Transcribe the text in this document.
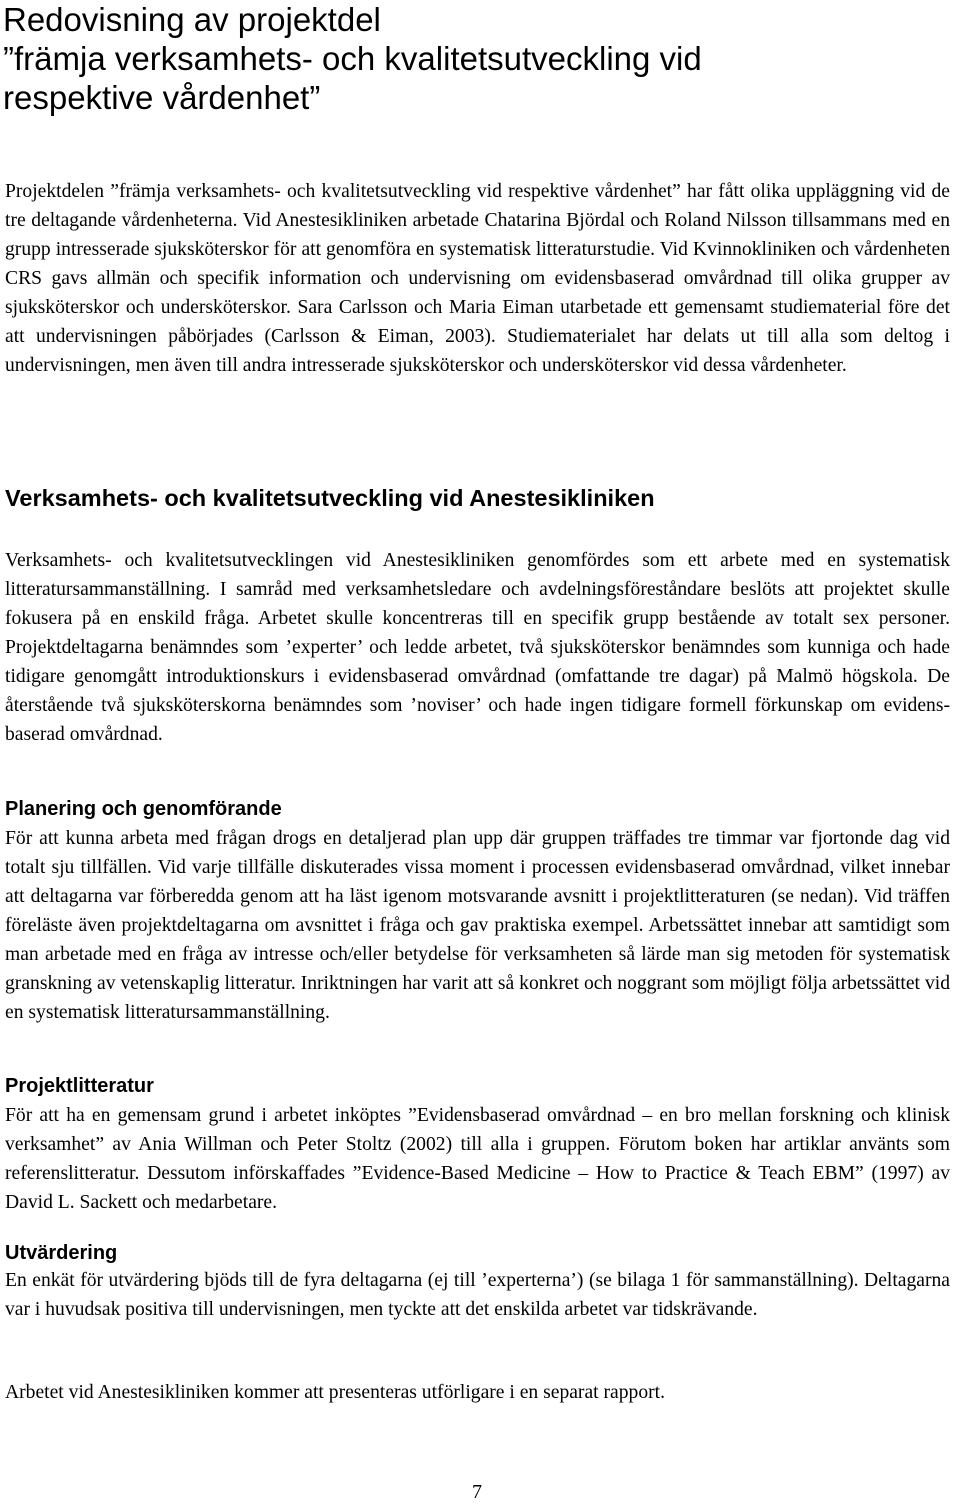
Redovisning av projektdel
”främja verksamhets- och kvalitetsutveckling vid
respektive vårdenhet”

Projektdelen ”främja verksamhets- och kvalitetsutveckling vid respektive vårdenhet” har fått olika uppläggning vid de tre deltagande vårdenheterna. Vid Anestesikliniken arbetade Chatarina Björdal och Roland Nilsson tillsammans med en grupp intresserade sjuksköterskor för att genomföra en systematisk litteraturstudie. Vid Kvinnokliniken och vårdenheten CRS gavs allmän och specifik information och undervisning om evidensbaserad omvårdnad till olika grupper av sjuksköterskor och undersköterskor. Sara Carlsson och Maria Eiman utarbetade ett gemensamt studiematerial före det att undervisningen påbörjades (Carlsson & Eiman, 2003). Studiematerialet har delats ut till alla som deltog i undervisningen, men även till andra intresserade sjuksköterskor och undersköterskor vid dessa vårdenheter.

Verksamhets- och kvalitetsutveckling vid Anestesikliniken

Verksamhets- och kvalitetsutvecklingen vid Anestesikliniken genomfördes som ett arbete med en systematisk litteratursammanställning. I samråd med verksamhetsledare och avdelningsföreståndare beslöts att projektet skulle fokusera på en enskild fråga. Arbetet skulle koncentreras till en specifik grupp bestående av totalt sex personer. Projektdeltagarna benämndes som ’experter’ och ledde arbetet, två sjuksköterskor benämndes som kunniga och hade tidigare genomgått introduktionskurs i evidensbaserad omvårdnad (omfattande tre dagar) på Malmö högskola. De återstående två sjuksköterskorna benämndes som ’noviser’ och hade ingen tidigare formell förkunskap om evidensbaserad omvårdnad.

Planering och genomförande

För att kunna arbeta med frågan drogs en detaljerad plan upp där gruppen träffades tre timmar var fjortonde dag vid totalt sju tillfällen. Vid varje tillfälle diskuterades vissa moment i processen evidensbaserad omvårdnad, vilket innebar att deltagarna var förberedda genom att ha läst igenom motsvarande avsnitt i projektlitteraturen (se nedan). Vid träffen föreläste även projektdeltagarna om avsnittet i fråga och gav praktiska exempel. Arbetssättet innebar att samtidigt som man arbetade med en fråga av intresse och/eller betydelse för verksamheten så lärde man sig metoden för systematisk granskning av vetenskaplig litteratur. Inriktningen har varit att så konkret och noggrant som möjligt följa arbetssättet vid en systematisk litteratursammanställning.

Projektlitteratur

För att ha en gemensam grund i arbetet inköptes ”Evidensbaserad omvårdnad – en bro mellan forskning och klinisk verksamhet” av Ania Willman och Peter Stoltz (2002) till alla i gruppen. Förutom boken har artiklar använts som referenslitteratur. Dessutom införskaffades ”Evidence-Based Medicine – How to Practice & Teach EBM” (1997) av David L. Sackett och medarbetare.

Utvärdering

En enkät för utvärdering bjöds till de fyra deltagarna (ej till ’experterna’) (se bilaga 1 för sammanställning). Deltagarna var i huvudsak positiva till undervisningen, men tyckte att det enskilda arbetet var tidskrävande.

Arbetet vid Anestesikliniken kommer att presenteras utförligare i en separat rapport.

7
